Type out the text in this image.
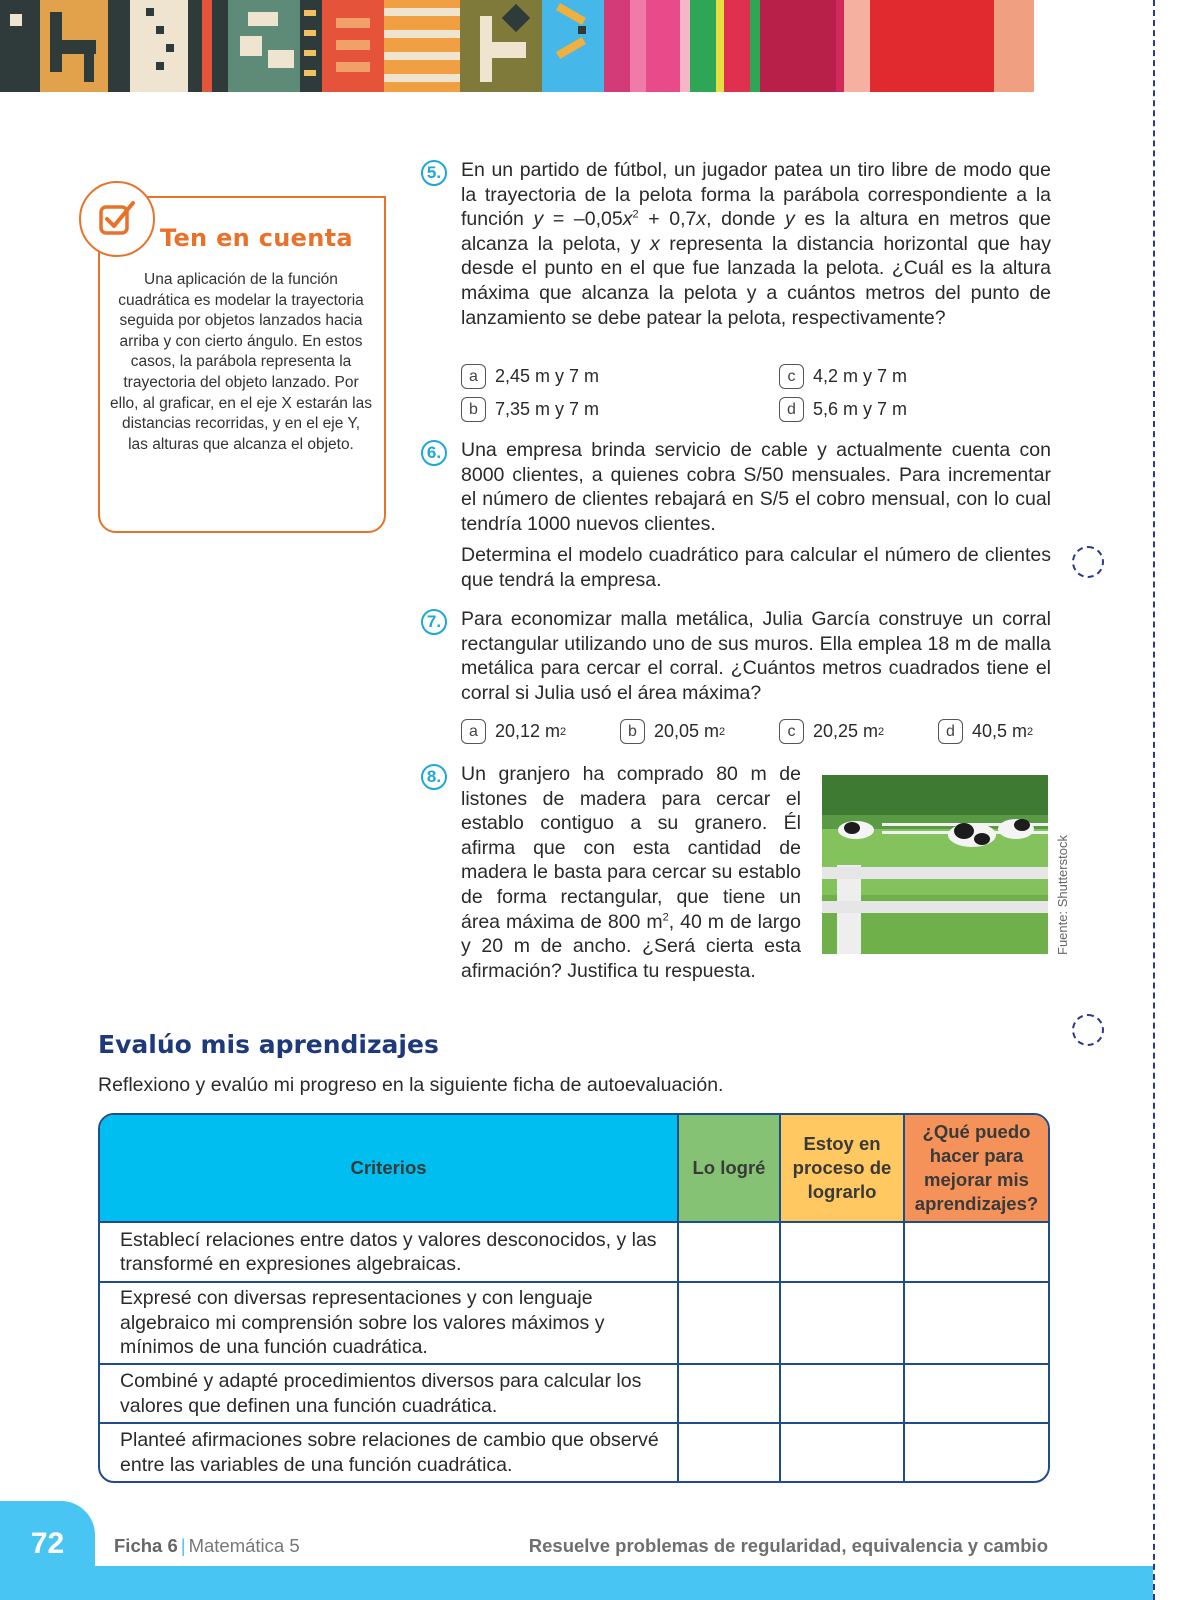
Ten en cuenta
Una aplicación de la función cuadrática es modelar la trayectoria seguida por objetos lanzados hacia arriba y con cierto ángulo. En estos casos, la parábola representa la trayectoria del objeto lanzado. Por ello, al graficar, en el eje X estarán las distancias recorridas, y en el eje Y, las alturas que alcanza el objeto.
5.	En un partido de fútbol, un jugador patea un tiro libre de modo que la trayectoria de la pelota forma la parábola correspondiente a la función $y = -0,05x^2 + 0,7x$, donde y es la altura en metros que alcanza la pelota, y x representa la distancia horizontal que hay desde el punto en el que fue lanzada la pelota. ¿Cuál es la altura máxima que alcanza la pelota y a cuántos metros del punto de lanzamiento se debe patear la pelota, respectivamente?
a 2,45 m y 7 m
b 7,35 m y 7 m
c 4,2 m y 7 m
d 5,6 m y 7 m
6.	Una empresa brinda servicio de cable y actualmente cuenta con 8000 clientes, a quienes cobra S/50 mensuales. Para incrementar el número de clientes rebajará en S/5 el cobro mensual, con lo cual tendría 1000 nuevos clientes.
Determina el modelo cuadrático para calcular el número de clientes que tendrá la empresa.
7.	Para economizar malla metálica, Julia García construye un corral rectangular utilizando uno de sus muros. Ella emplea 18 m de malla metálica para cercar el corral. ¿Cuántos metros cuadrados tiene el corral si Julia usó el área máxima?
a 20,12 m 2	b 20,05 m 2	c 20,25 m 2	d 40,5 m 2
8.	Un granjero ha comprado 80 m de listones de madera para cercar el establo contiguo a su granero. Él afirma que con esta cantidad de madera le basta para cercar su establo de forma rectangular, que tiene un área máxima de 800 $m^2$, 40 m de largo y 20 m de ancho. ¿Será cierta esta afirmación? Justifica tu respuesta.
Fuente: Shutterstock
Evalúo mis aprendizajes
Reflexiono y evalúo mi progreso en la siguiente ficha de autoevaluación.
Criterios	Lo logré	Estoy en proceso de lograrlo	¿Qué puedo hacer para mejorar mis aprendizajes?
Establecí relaciones entre datos y valores desconocidos, y las transformé en expresiones algebraicas.			
Expresé con diversas representaciones y con lenguaje algebraico mi comprensión sobre los valores máximos y mínimos de una función cuadrática.			
Combiné y adapté procedimientos diversos para calcular los valores que definen una función cuadrática.			
Planteé afirmaciones sobre relaciones de cambio que observé entre las variables de una función cuadrática.			
72	Ficha 6 | Matemática 5	Resuelve problemas de regularidad, equivalencia y cambio
